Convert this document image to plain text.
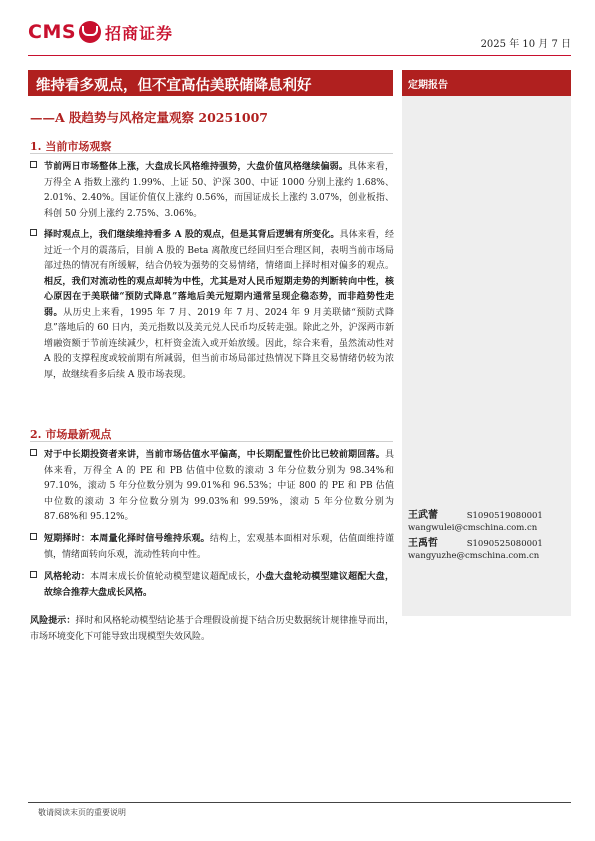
CMS 招商证券
2025 年 10 月 7 日
维持看多观点，但不宜高估美联储降息利好	定期报告
——A 股趋势与风格定量观察 20251007
1. 当前市场观察

节前两日市场整体上涨，大盘成长风格维持强势，大盘价值风格继续偏弱。具体来看，万得全 A 指数上涨约 1.99%、上证 50、沪深 300、中证 1000 分别上涨约 1.68%、2.01%、2.40%。国证价值仅上涨约 0.56%，而国证成长上涨约 3.07%，创业板指、科创 50 分别上涨约 2.75%、3.06%。

择时观点上，我们继续维持看多 A 股的观点，但是其背后逻辑有所变化。具体来看，经过近一个月的震荡后，目前 A 股的 Beta 离散度已经回归至合理区间，表明当前市场局部过热的情况有所缓解，结合仍较为强势的交易情绪，情绪面上择时相对偏多的观点。相反，我们对流动性的观点却转为中性，尤其是对人民币短期走势的判断转向中性，核心原因在于美联储“预防式降息”落地后美元短期内通常呈现企稳态势，而非趋势性走弱。从历史上来看，1995 年 7 月、2019 年 7 月、2024 年 9 月美联储“预防式降息”落地后的 60 日内，美元指数以及美元兑人民币均反转走强。除此之外，沪深两市新增融资额于节前连续减少，杠杆资金流入或开始放缓。因此，综合来看，虽然流动性对 A 股的支撑程度或较前期有所减弱，但当前市场局部过热情况下降且交易情绪仍较为浓厚，故继续看多后续 A 股市场表现。

2. 市场最新观点

对于中长期投资者来讲，当前市场估值水平偏高，中长期配置性价比已较前期回落。具体来看，万得全 A 的 PE 和 PB 估值中位数的滚动 3 年分位数分别为 98.34%和 97.10%，滚动 5 年分位数分别为 99.01%和 96.53%；中证 800 的 PE 和 PB 估值中位数的滚动 3 年分位数分别为 99.03%和 99.59%，滚动 5 年分位数分别为 87.68%和 95.12%。

短期择时：本周量化择时信号维持乐观。结构上，宏观基本面相对乐观，估值面维持谨慎，情绪面转向乐观，流动性转向中性。

风格轮动：本周末成长价值轮动模型建议超配成长，小盘大盘轮动模型建议超配大盘，故综合推荐大盘成长风格。

王武蕾	S1090519080001
wangwulei@cmschina.com.cn
王禹哲	S1090525080001
wangyuzhe@cmschina.com.cn
风险提示：择时和风格轮动模型结论基于合理假设前提下结合历史数据统计规律推导而出，市场环境变化下可能导致出现模型失效风险。
敬请阅读末页的重要说明
